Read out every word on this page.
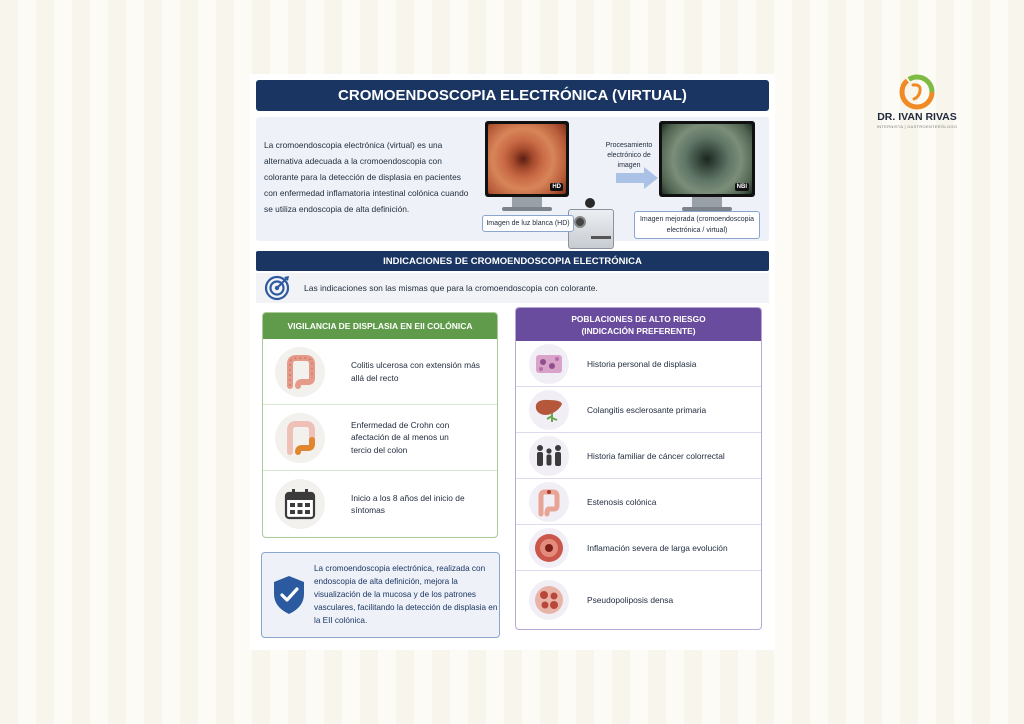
CROMOENDOSCOPIA ELECTRÓNICA (VIRTUAL)
La cromoendoscopia electrónica (virtual) es una alternativa adecuada a la cromoendoscopia con colorante para la detección de displasia en pacientes con enfermedad inflamatoria intestinal colónica cuando se utiliza endoscopia de alta definición.
HD
Procesamiento electrónico de imagen
NBI
Imagen de luz blanca (HD)
Imagen mejorada (cromoendoscopia electrónica / virtual)
INDICACIONES DE CROMOENDOSCOPIA ELECTRÓNICA
Las indicaciones son las mismas que para la cromoendoscopia con colorante.
VIGILANCIA DE DISPLASIA EN EII COLÓNICA
Colitis ulcerosa con extensión más allá del recto
Enfermedad de Crohn con afectación de al menos un tercio del colon
Inicio a los 8 años del inicio de síntomas
La cromoendoscopia electrónica, realizada con endoscopia de alta definición, mejora la visualización de la mucosa y de los patrones vasculares, facilitando la detección de displasia en la EII colónica.
POBLACIONES DE ALTO RIESGO
(INDICACIÓN PREFERENTE)
Historia personal de displasia
Colangitis esclerosante primaria
Historia familiar de cáncer colorrectal
Estenosis colónica
Inflamación severa de larga evolución
Pseudopoliposis densa
DR. IVAN RIVAS
INTERNISTA | GASTROENTERÓLOGO
